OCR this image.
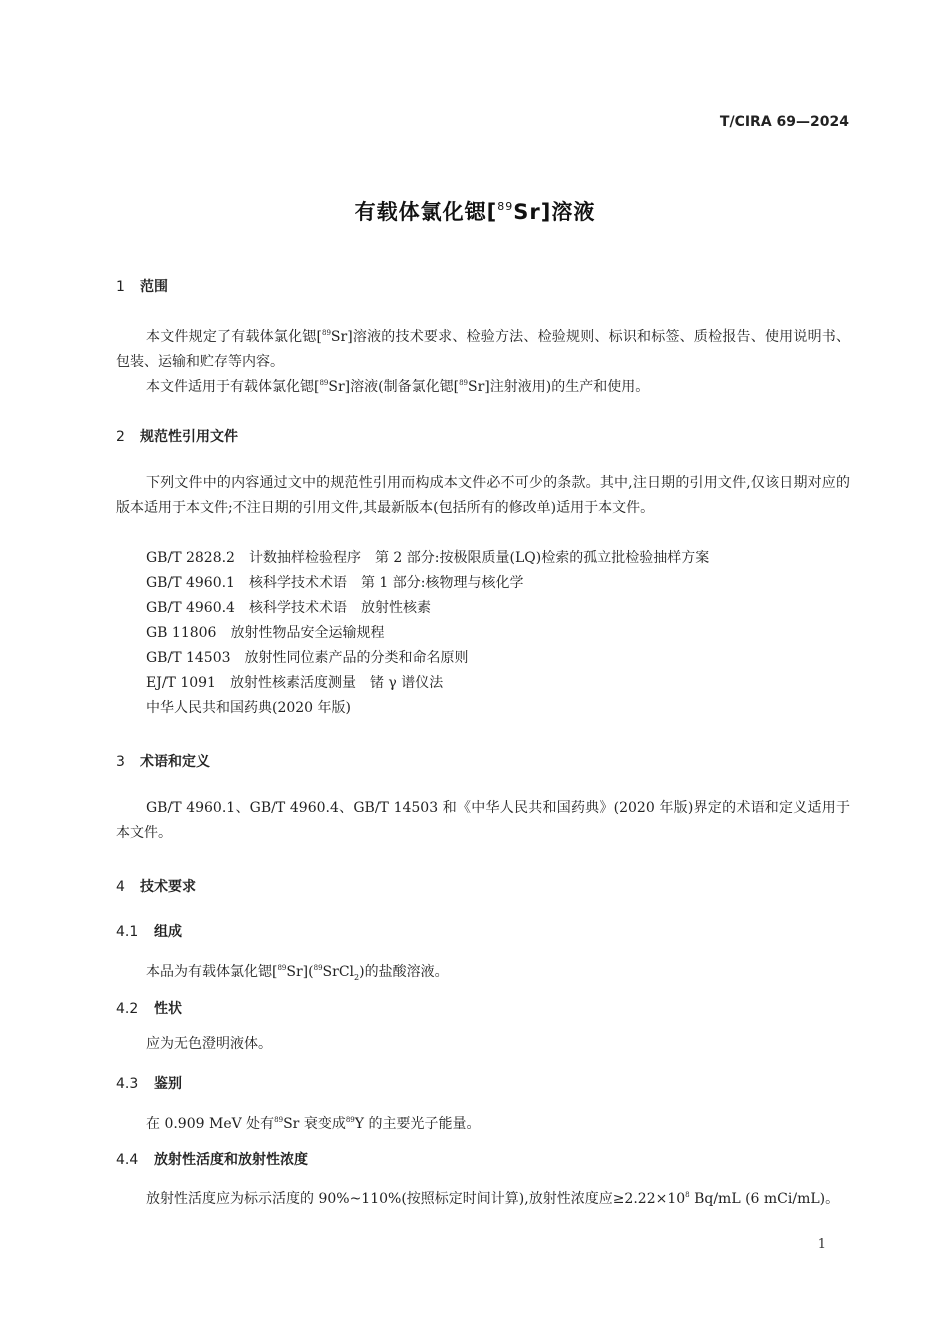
T/CIRA 69—2024
有载体氯化锶[$^{89}$Sr]溶液
1 范围
本文件规定了有载体氯化锶[$^{89}$Sr]溶液的技术要求、检验方法、检验规则、标识和标签、质检报告、使用说明书、包装、运输和贮存等内容。
本文件适用于有载体氯化锶[$^{89}$Sr]溶液(制备氯化锶[$^{89}$Sr]注射液用)的生产和使用。
2 规范性引用文件
下列文件中的内容通过文中的规范性引用而构成本文件必不可少的条款。其中,注日期的引用文件,仅该日期对应的版本适用于本文件;不注日期的引用文件,其最新版本(包括所有的修改单)适用于本文件。
GB/T 2828.2 计数抽样检验程序 第 2 部分:按极限质量(LQ)检索的孤立批检验抽样方案
GB/T 4960.1 核科学技术术语 第 1 部分:核物理与核化学
GB/T 4960.4 核科学技术术语 放射性核素
GB 11806 放射性物品安全运输规程
GB/T 14503 放射性同位素产品的分类和命名原则
EJ/T 1091 放射性核素活度测量 锗 γ 谱仪法
中华人民共和国药典(2020 年版)
3 术语和定义
GB/T 4960.1、GB/T 4960.4、GB/T 14503 和《中华人民共和国药典》(2020 年版)界定的术语和定义适用于本文件。
4 技术要求
4.1 组成
本品为有载体氯化锶[$^{89}$Sr]($^{89}$SrCl$_2$)的盐酸溶液。
4.2 性状
应为无色澄明液体。
4.3 鉴别
在 0.909 MeV 处有$^{89}$Sr 衰变成$^{89}$Y 的主要光子能量。
4.4 放射性活度和放射性浓度
放射性活度应为标示活度的 90%~110%(按照标定时间计算),放射性浓度应$\ge 2.22\times 10^8$ Bq/mL (6 mCi/mL)。
1
